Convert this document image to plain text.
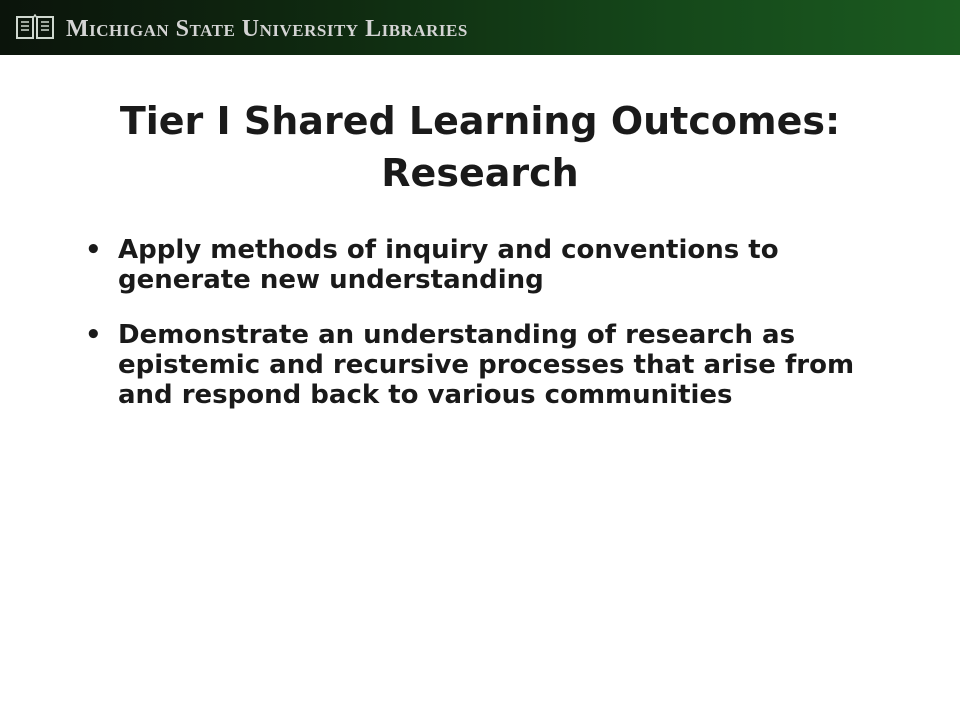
Michigan State University Libraries
Tier I Shared Learning Outcomes:
Research
• Apply methods of inquiry and conventions to generate new understanding
• Demonstrate an understanding of research as epistemic and recursive processes that arise from and respond back to various communities
